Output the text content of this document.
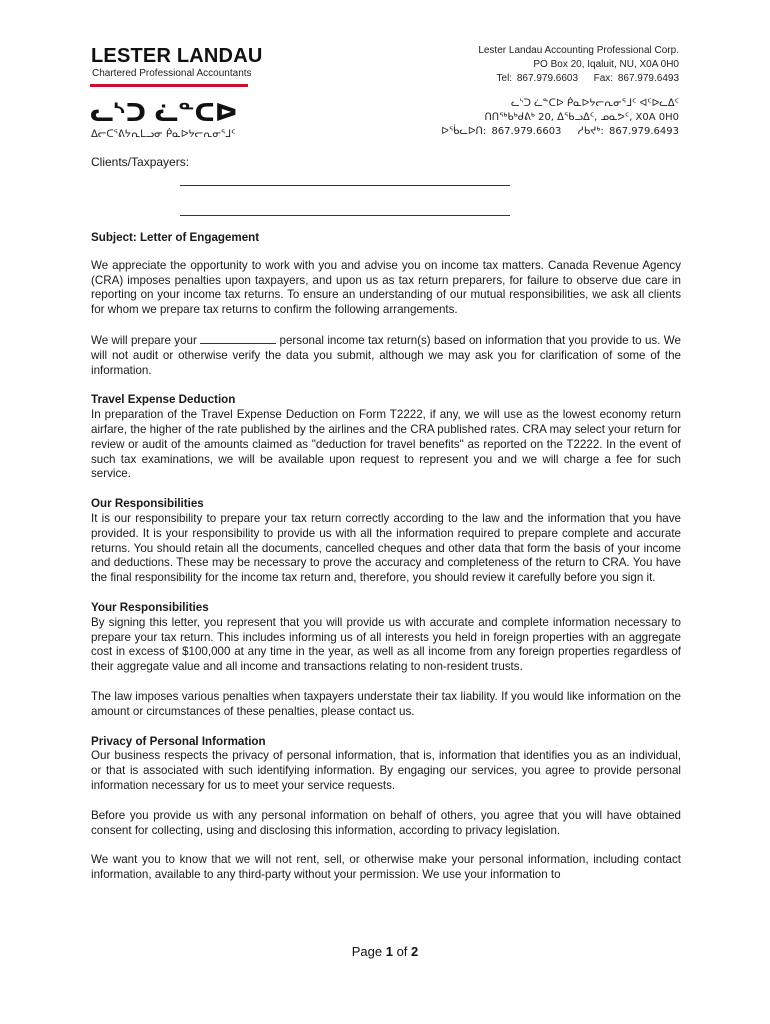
LESTER LANDAU
Chartered Professional Accountants
ᓚᔅᑐ ᓛᓐᑕᐅ
ᐃᓕᑕᕐᕕᔭᕆᒪᓗᓂ ᑮᓇᐅᔭᓕᕆᓂᕐᒧᑦ
Lester Landau Accounting Professional Corp.
PO Box 20, Iqaluit, NU, X0A 0H0
Tel: 867.979.6603 Fax: 867.979.6493
ᓚᔅᑐ ᓛᓐᑕᐅ ᑮᓇᐅᔭᓕᕆᓂᕐᒧᑦ ᐊᑦᐅᓚᐃᑦ
ᑎᑎᖅᑲᒃᑯᕕᒃ 20, ᐃᖃᓗᐃᑦ, ᓄᓇᕗᑦ, X0A 0H0
ᐅᖄᓚᐅᑎ: 867.979.6603 ᓱᑲᔪᒃ: 867.979.6493
Clients/Taxpayers:

Subject: Letter of Engagement

We appreciate the opportunity to work with you and advise you on income tax matters. Canada Revenue Agency (CRA) imposes penalties upon taxpayers, and upon us as tax return preparers, for failure to observe due care in reporting on your income tax returns. To ensure an understanding of our mutual responsibilities, we ask all clients for whom we prepare tax returns to confirm the following arrangements.

We will prepare your	personal income tax return(s) based on information that you provide to us. We will not audit or otherwise verify the data you submit, although we may ask you for clarification of some of the information.

Travel Expense Deduction
In preparation of the Travel Expense Deduction on Form T2222, if any, we will use as the lowest economy return airfare, the higher of the rate published by the airlines and the CRA published rates. CRA may select your return for review or audit of the amounts claimed as "deduction for travel benefits" as reported on the T2222. In the event of such tax examinations, we will be available upon request to represent you and we will charge a fee for such service.

Our Responsibilities
It is our responsibility to prepare your tax return correctly according to the law and the information that you have provided. It is your responsibility to provide us with all the information required to prepare complete and accurate returns. You should retain all the documents, cancelled cheques and other data that form the basis of your income and deductions. These may be necessary to prove the accuracy and completeness of the return to CRA. You have the final responsibility for the income tax return and, therefore, you should review it carefully before you sign it.

Your Responsibilities
By signing this letter, you represent that you will provide us with accurate and complete information necessary to prepare your tax return. This includes informing us of all interests you held in foreign properties with an aggregate cost in excess of $100,000 at any time in the year, as well as all income from any foreign properties regardless of their aggregate value and all income and transactions relating to non-resident trusts.

The law imposes various penalties when taxpayers understate their tax liability. If you would like information on the amount or circumstances of these penalties, please contact us.

Privacy of Personal Information
Our business respects the privacy of personal information, that is, information that identifies you as an individual, or that is associated with such identifying information. By engaging our services, you agree to provide personal information necessary for us to meet your service requests.

Before you provide us with any personal information on behalf of others, you agree that you will have obtained consent for collecting, using and disclosing this information, according to privacy legislation.

We want you to know that we will not rent, sell, or otherwise make your personal information, including contact information, available to any third-party without your permission. We use your information to

Page 1 of 2
